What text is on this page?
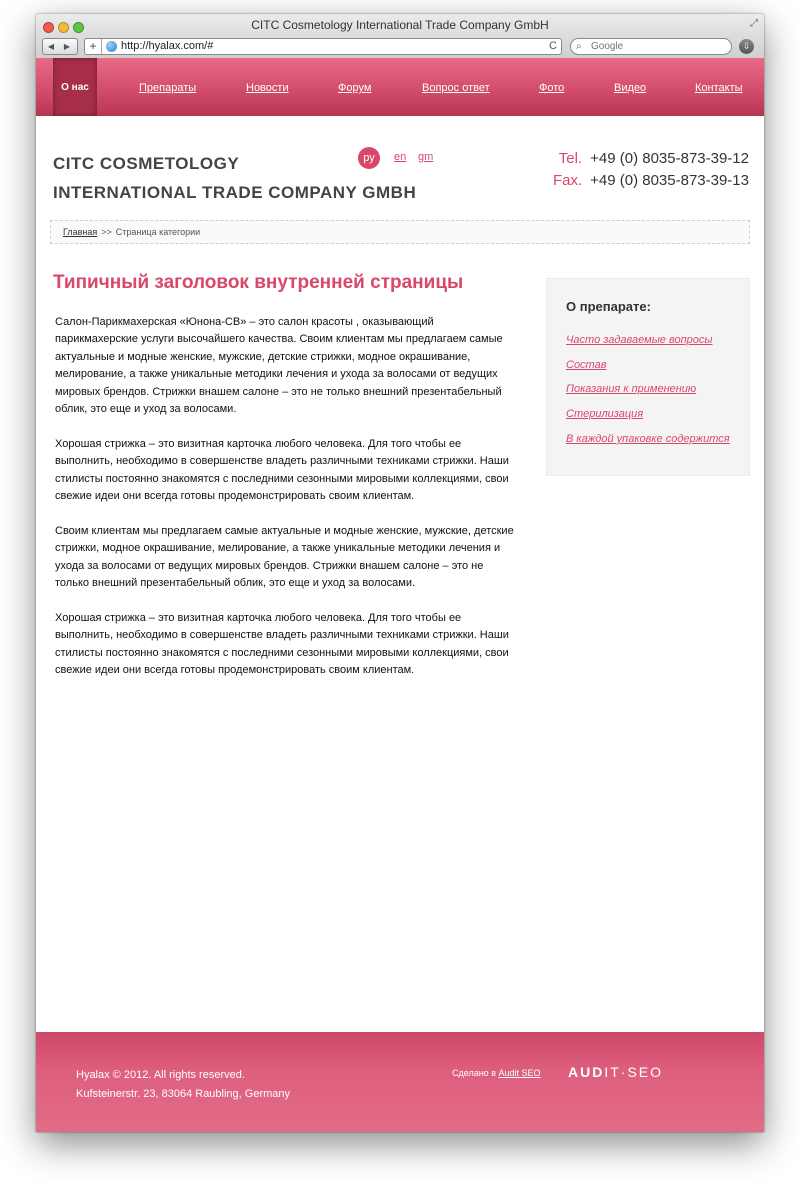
CITC Cosmetology International Trade Company GmbH	⤢
◀ ▶	+	http://hyalax.com/#	C ⌕
Google	⇩
О нас	Препараты	Новости	Форум	Вопрос ответ	Фото	Видео	Контакты
CITC COSMETOLOGY
INTERNATIONAL TRADE COMPANY GMBH
ру	en gm	Tel. +49 (0) 8035-873-39-12
Fax. +49 (0) 8035-873-39-13
Главная >> Страница категории
Типичный заголовок внутренней страницы

Салон-Парикмахерская «Юнона-СВ» – это салон красоты , оказывающий парикмахерские услуги высочайшего качества. Своим клиентам мы предлагаем самые актуальные и модные женские, мужские, детские стрижки, модное окрашивание, мелирование, а также уникальные методики лечения и ухода за волосами от ведущих мировых брендов. Стрижки внашем салоне – это не только внешний презентабельный облик, это еще и уход за волосами.

Хорошая стрижка – это визитная карточка любого человека. Для того чтобы ее выполнить, необходимо в совершенстве владеть различными техниками стрижки. Наши стилисты постоянно знакомятся с последними сезонными мировыми коллекциями, свои свежие идеи они всегда готовы продемонстрировать своим клиентам.

Своим клиентам мы предлагаем самые актуальные и модные женские, мужские, детские стрижки, модное окрашивание, мелирование, а также уникальные методики лечения и ухода за волосами от ведущих мировых брендов. Стрижки внашем салоне – это не только внешний презентабельный облик, это еще и уход за волосами.

Хорошая стрижка – это визитная карточка любого человека. Для того чтобы ее выполнить, необходимо в совершенстве владеть различными техниками стрижки. Наши стилисты постоянно знакомятся с последними сезонными мировыми коллекциями, свои свежие идеи они всегда готовы продемонстрировать своим клиентам.

О препарате:
Часто задаваемые вопросы
Состав
Показания к применению
Стерилизация
В каждой упаковке содержится
Hyalax © 2012. All rights reserved.
Kufsteinerstr. 23, 83064 Raubling, Germany
Сделано в Audit SEO AUDIT·SEO
